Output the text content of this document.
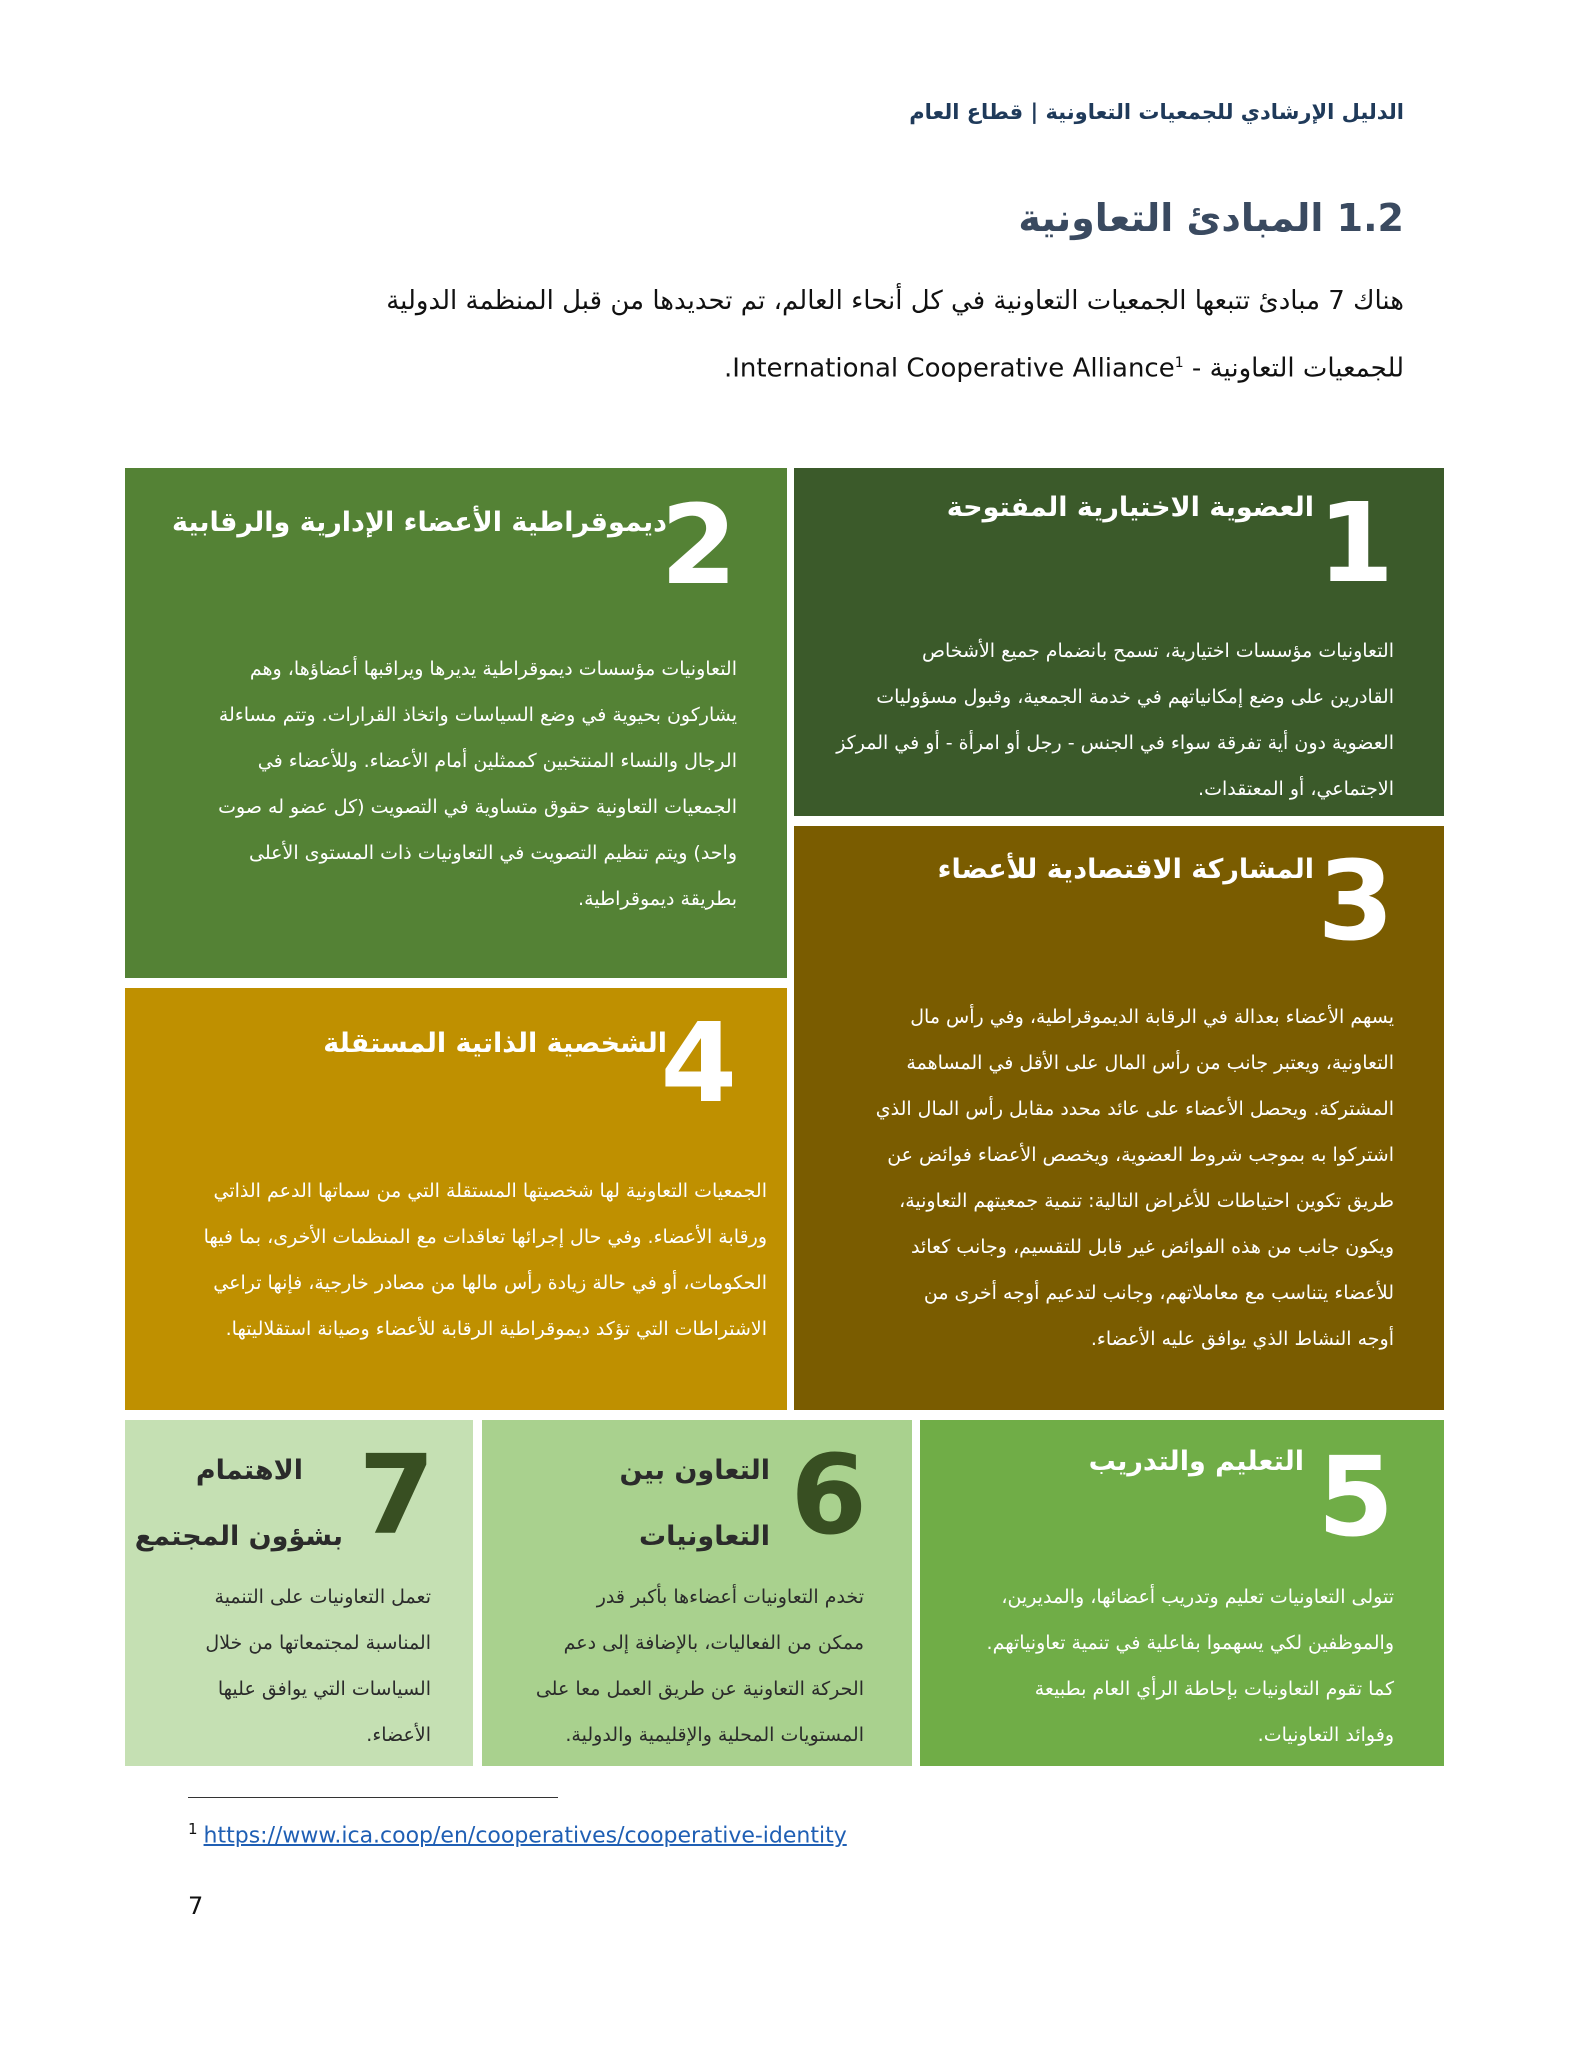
الدليل الإرشادي للجمعيات التعاونية | قطاع العام
1.2 المبادئ التعاونية
هناك 7 مبادئ تتبعها الجمعيات التعاونية في كل أنحاء العالم، تم تحديدها من قبل المنظمة الدولية
للجمعيات التعاونية - International Cooperative Alliance$^1$.
1
العضوية الاختيارية المفتوحة
التعاونيات مؤسسات اختيارية، تسمح بانضمام جميع الأشخاص
القادرين على وضع إمكانياتهم في خدمة الجمعية، وقبول مسؤوليات
العضوية دون أية تفرقة سواء في الجنس - رجل أو امرأة - أو في المركز
الاجتماعي، أو المعتقدات.
2
ديموقراطية الأعضاء الإدارية والرقابية
التعاونيات مؤسسات ديموقراطية يديرها ويراقبها أعضاؤها، وهم
يشاركون بحيوية في وضع السياسات واتخاذ القرارات. وتتم مساءلة
الرجال والنساء المنتخبين كممثلين أمام الأعضاء. وللأعضاء في
الجمعيات التعاونية حقوق متساوية في التصويت (كل عضو له صوت
واحد) ويتم تنظيم التصويت في التعاونيات ذات المستوى الأعلى
بطريقة ديموقراطية.	3
المشاركة الاقتصادية للأعضاء
يسهم الأعضاء بعدالة في الرقابة الديموقراطية، وفي رأس مال
التعاونية، ويعتبر جانب من رأس المال على الأقل في المساهمة
المشتركة. ويحصل الأعضاء على عائد محدد مقابل رأس المال الذي
اشتركوا به بموجب شروط العضوية، ويخصص الأعضاء فوائض عن
طريق تكوين احتياطات للأغراض التالية: تنمية جمعيتهم التعاونية،
ويكون جانب من هذه الفوائض غير قابل للتقسيم، وجانب كعائد
للأعضاء يتناسب مع معاملاتهم، وجانب لتدعيم أوجه أخرى من
أوجه النشاط الذي يوافق عليه الأعضاء.
4
الشخصية الذاتية المستقلة
الجمعيات التعاونية لها شخصيتها المستقلة التي من سماتها الدعم الذاتي
ورقابة الأعضاء. وفي حال إجرائها تعاقدات مع المنظمات الأخرى، بما فيها
الحكومات، أو في حالة زيادة رأس مالها من مصادر خارجية، فإنها تراعي
الاشتراطات التي تؤكد ديموقراطية الرقابة للأعضاء وصيانة استقلاليتها.
5
التعليم والتدريب
تتولى التعاونيات تعليم وتدريب أعضائها، والمديرين،
والموظفين لكي يسهموا بفاعلية في تنمية تعاونياتهم.
كما تقوم التعاونيات بإحاطة الرأي العام بطبيعة
وفوائد التعاونيات.
6
التعاون بين
التعاونيات
تخدم التعاونيات أعضاءها بأكبر قدر
ممكن من الفعاليات، بالإضافة إلى دعم
الحركة التعاونية عن طريق العمل معا على
المستويات المحلية والإقليمية والدولية.
7
الاهتمام
بشؤون المجتمع
تعمل التعاونيات على التنمية
المناسبة لمجتمعاتها من خلال
السياسات التي يوافق عليها
الأعضاء.
$^1$ https://www.ica.coop/en/cooperatives/cooperative-identity
7
